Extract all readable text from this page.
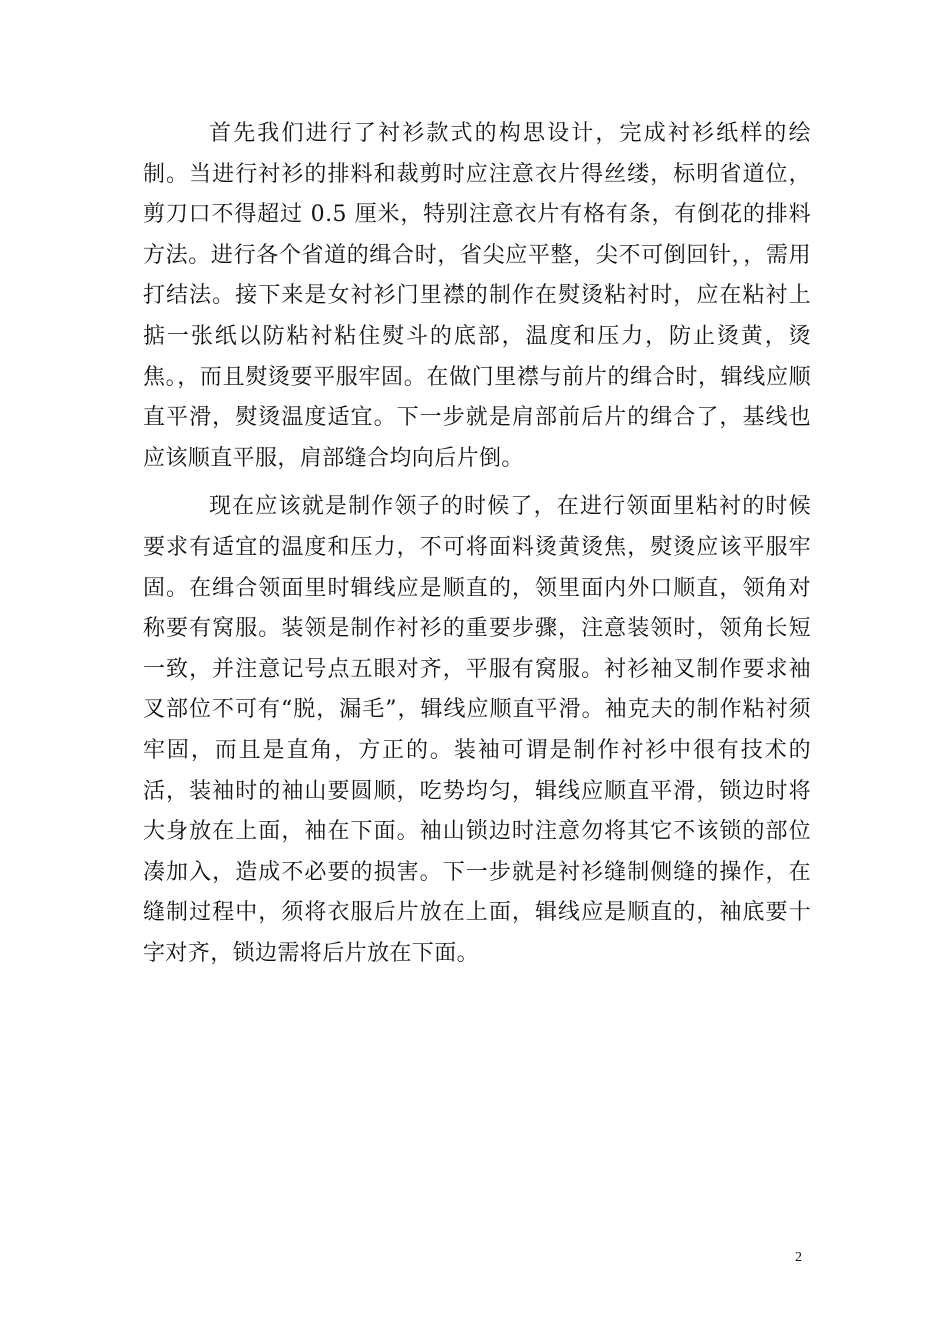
首先我们进行了衬衫款式的构思设计，完成衬衫纸样的绘制。当进行衬衫的排料和裁剪时应注意衣片得丝缕，标明省道位，剪刀口不得超过 0.5 厘米，特别注意衣片有格有条，有倒花的排料方法。进行各个省道的缉合时，省尖应平整，尖不可倒回针，，需用打结法。接下来是女衬衫门里襟的制作在熨烫粘衬时，应在粘衬上掂一张纸以防粘衬粘住熨斗的底部，温度和压力，防止烫黄，烫焦。，而且熨烫要平服牢固。在做门里襟与前片的缉合时，辑线应顺直平滑，熨烫温度适宜。下一步就是肩部前后片的缉合了，基线也应该顺直平服，肩部缝合均向后片倒。

现在应该就是制作领子的时候了，在进行领面里粘衬的时候要求有适宜的温度和压力，不可将面料烫黄烫焦，熨烫应该平服牢固。在缉合领面里时辑线应是顺直的，领里面内外口顺直，领角对称要有窝服。装领是制作衬衫的重要步骤，注意装领时，领角长短一致，并注意记号点五眼对齐，平服有窝服。衬衫袖叉制作要求袖叉部位不可有“脱，漏毛”，辑线应顺直平滑。袖克夫的制作粘衬须牢固，而且是直角，方正的。装袖可谓是制作衬衫中很有技术的活，装袖时的袖山要圆顺，吃势均匀，辑线应顺直平滑，锁边时将大身放在上面，袖在下面。袖山锁边时注意勿将其它不该锁的部位凑加入，造成不必要的损害。下一步就是衬衫缝制侧缝的操作，在缝制过程中，须将衣服后片放在上面，辑线应是顺直的，袖底要十字对齐，锁边需将后片放在下面。

2
